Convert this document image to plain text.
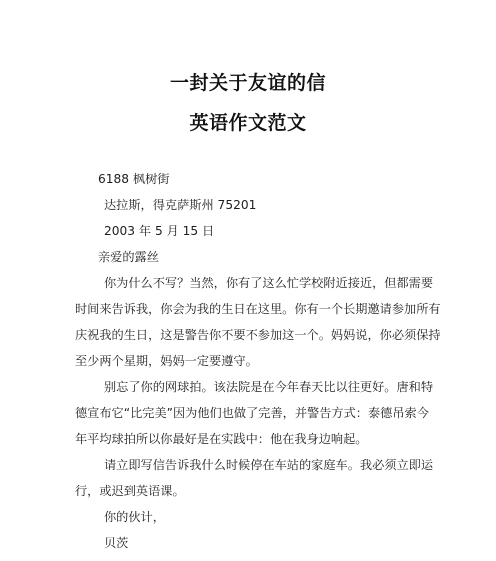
一封关于友谊的信
英语作文范文
6188 枫树街
达拉斯，得克萨斯州 75201
2003 年 5 月 15 日
亲爱的露丝
你为什么不写？当然，你有了这么忙学校附近接近，但都需要
时间来告诉我，你会为我的生日在这里。你有一个长期邀请参加所有
庆祝我的生日，这是警告你不要不参加这一个。妈妈说，你必须保持
至少两个星期，妈妈一定要遵守。
别忘了你的网球拍。该法院是在今年春天比以往更好。唐和特
德宣布它“比完美”因为他们也做了完善，并警告方式：泰德吊索今
年平均球拍所以你最好是在实践中：他在我身边响起。
请立即写信告诉我什么时候停在车站的家庭车。我必须立即运
行，或迟到英语课。
你的伙计，
贝茨
